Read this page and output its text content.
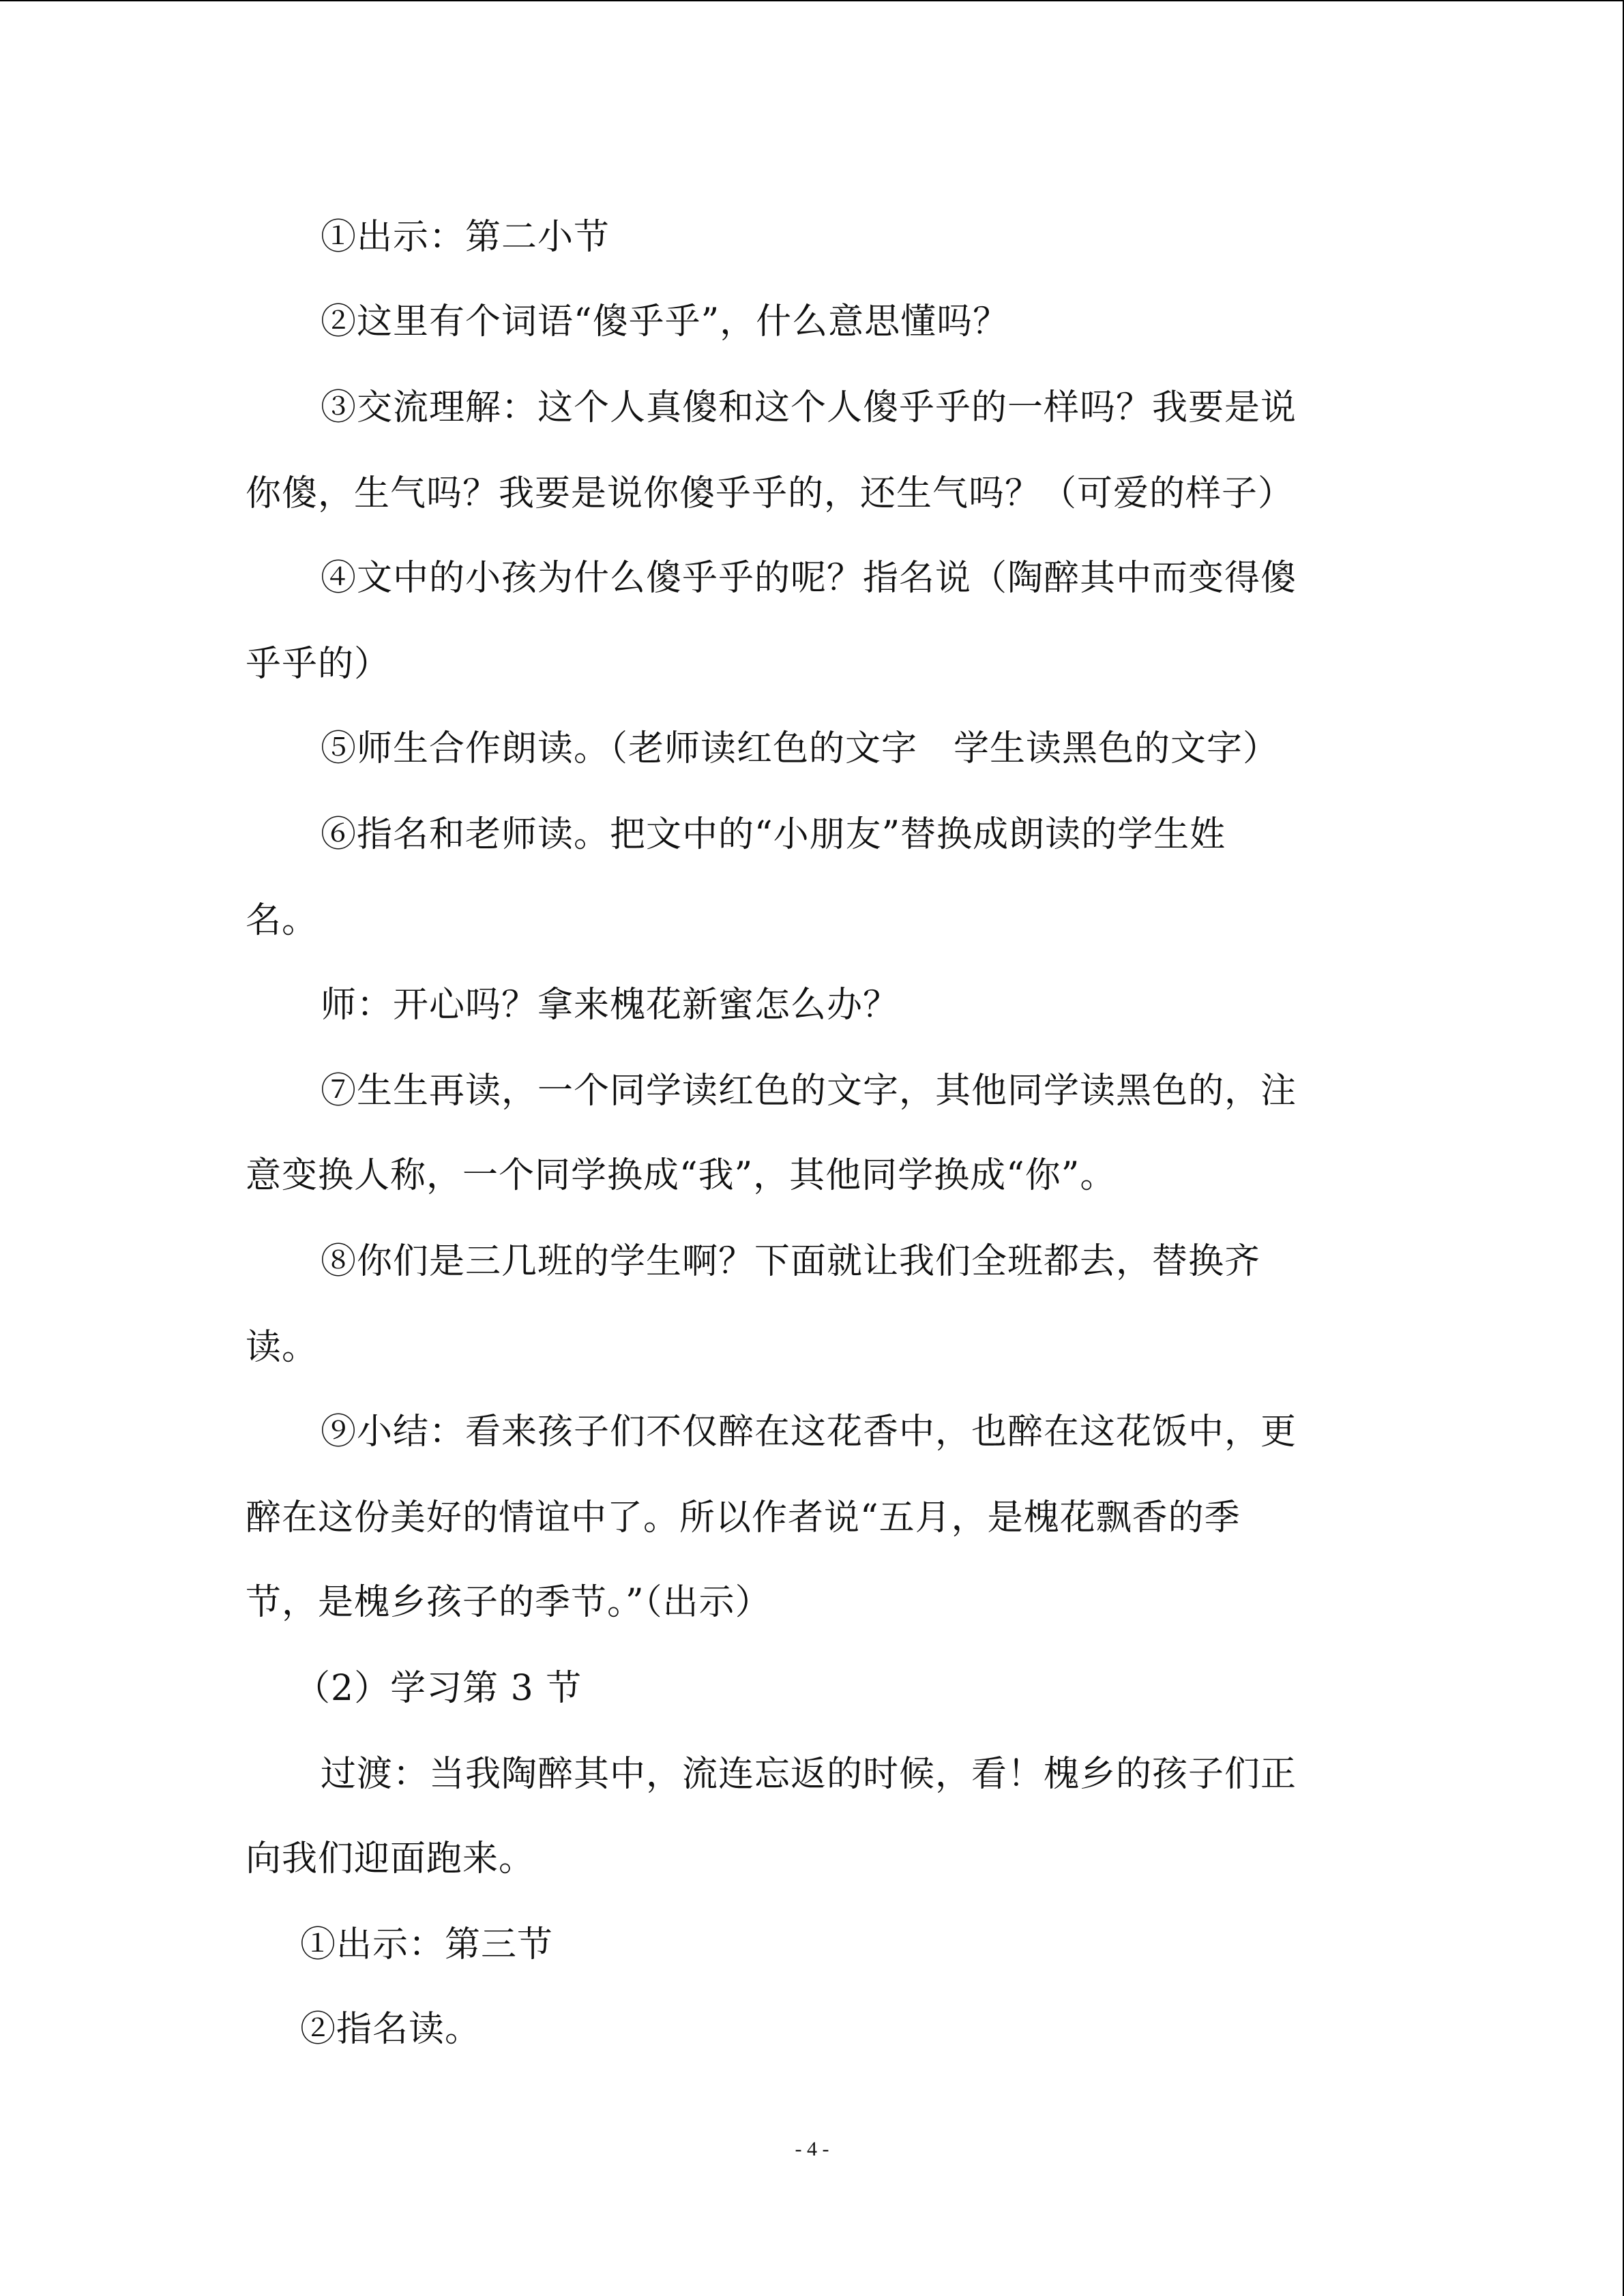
①出示：第二小节
②这里有个词语“傻乎乎”，什么意思懂吗？
③交流理解：这个人真傻和这个人傻乎乎的一样吗？我要是说
你傻，生气吗？我要是说你傻乎乎的，还生气吗？（可爱的样子）
④文中的小孩为什么傻乎乎的呢？指名说（陶醉其中而变得傻
乎乎的）
⑤师生合作朗读。（老师读红色的文字　学生读黑色的文字）
⑥指名和老师读。把文中的“小朋友”替换成朗读的学生姓
名。
师：开心吗？拿来槐花新蜜怎么办？
⑦生生再读，一个同学读红色的文字，其他同学读黑色的，注
意变换人称，一个同学换成“我”，其他同学换成“你”。
⑧你们是三几班的学生啊？下面就让我们全班都去，替换齐
读。
⑨小结：看来孩子们不仅醉在这花香中，也醉在这花饭中，更
醉在这份美好的情谊中了。所以作者说“五月，是槐花飘香的季
节，是槐乡孩子的季节。”（出示）
（2）学习第 3 节
过渡：当我陶醉其中，流连忘返的时候，看！槐乡的孩子们正
向我们迎面跑来。
①出示：第三节
②指名读。
- 4 -
